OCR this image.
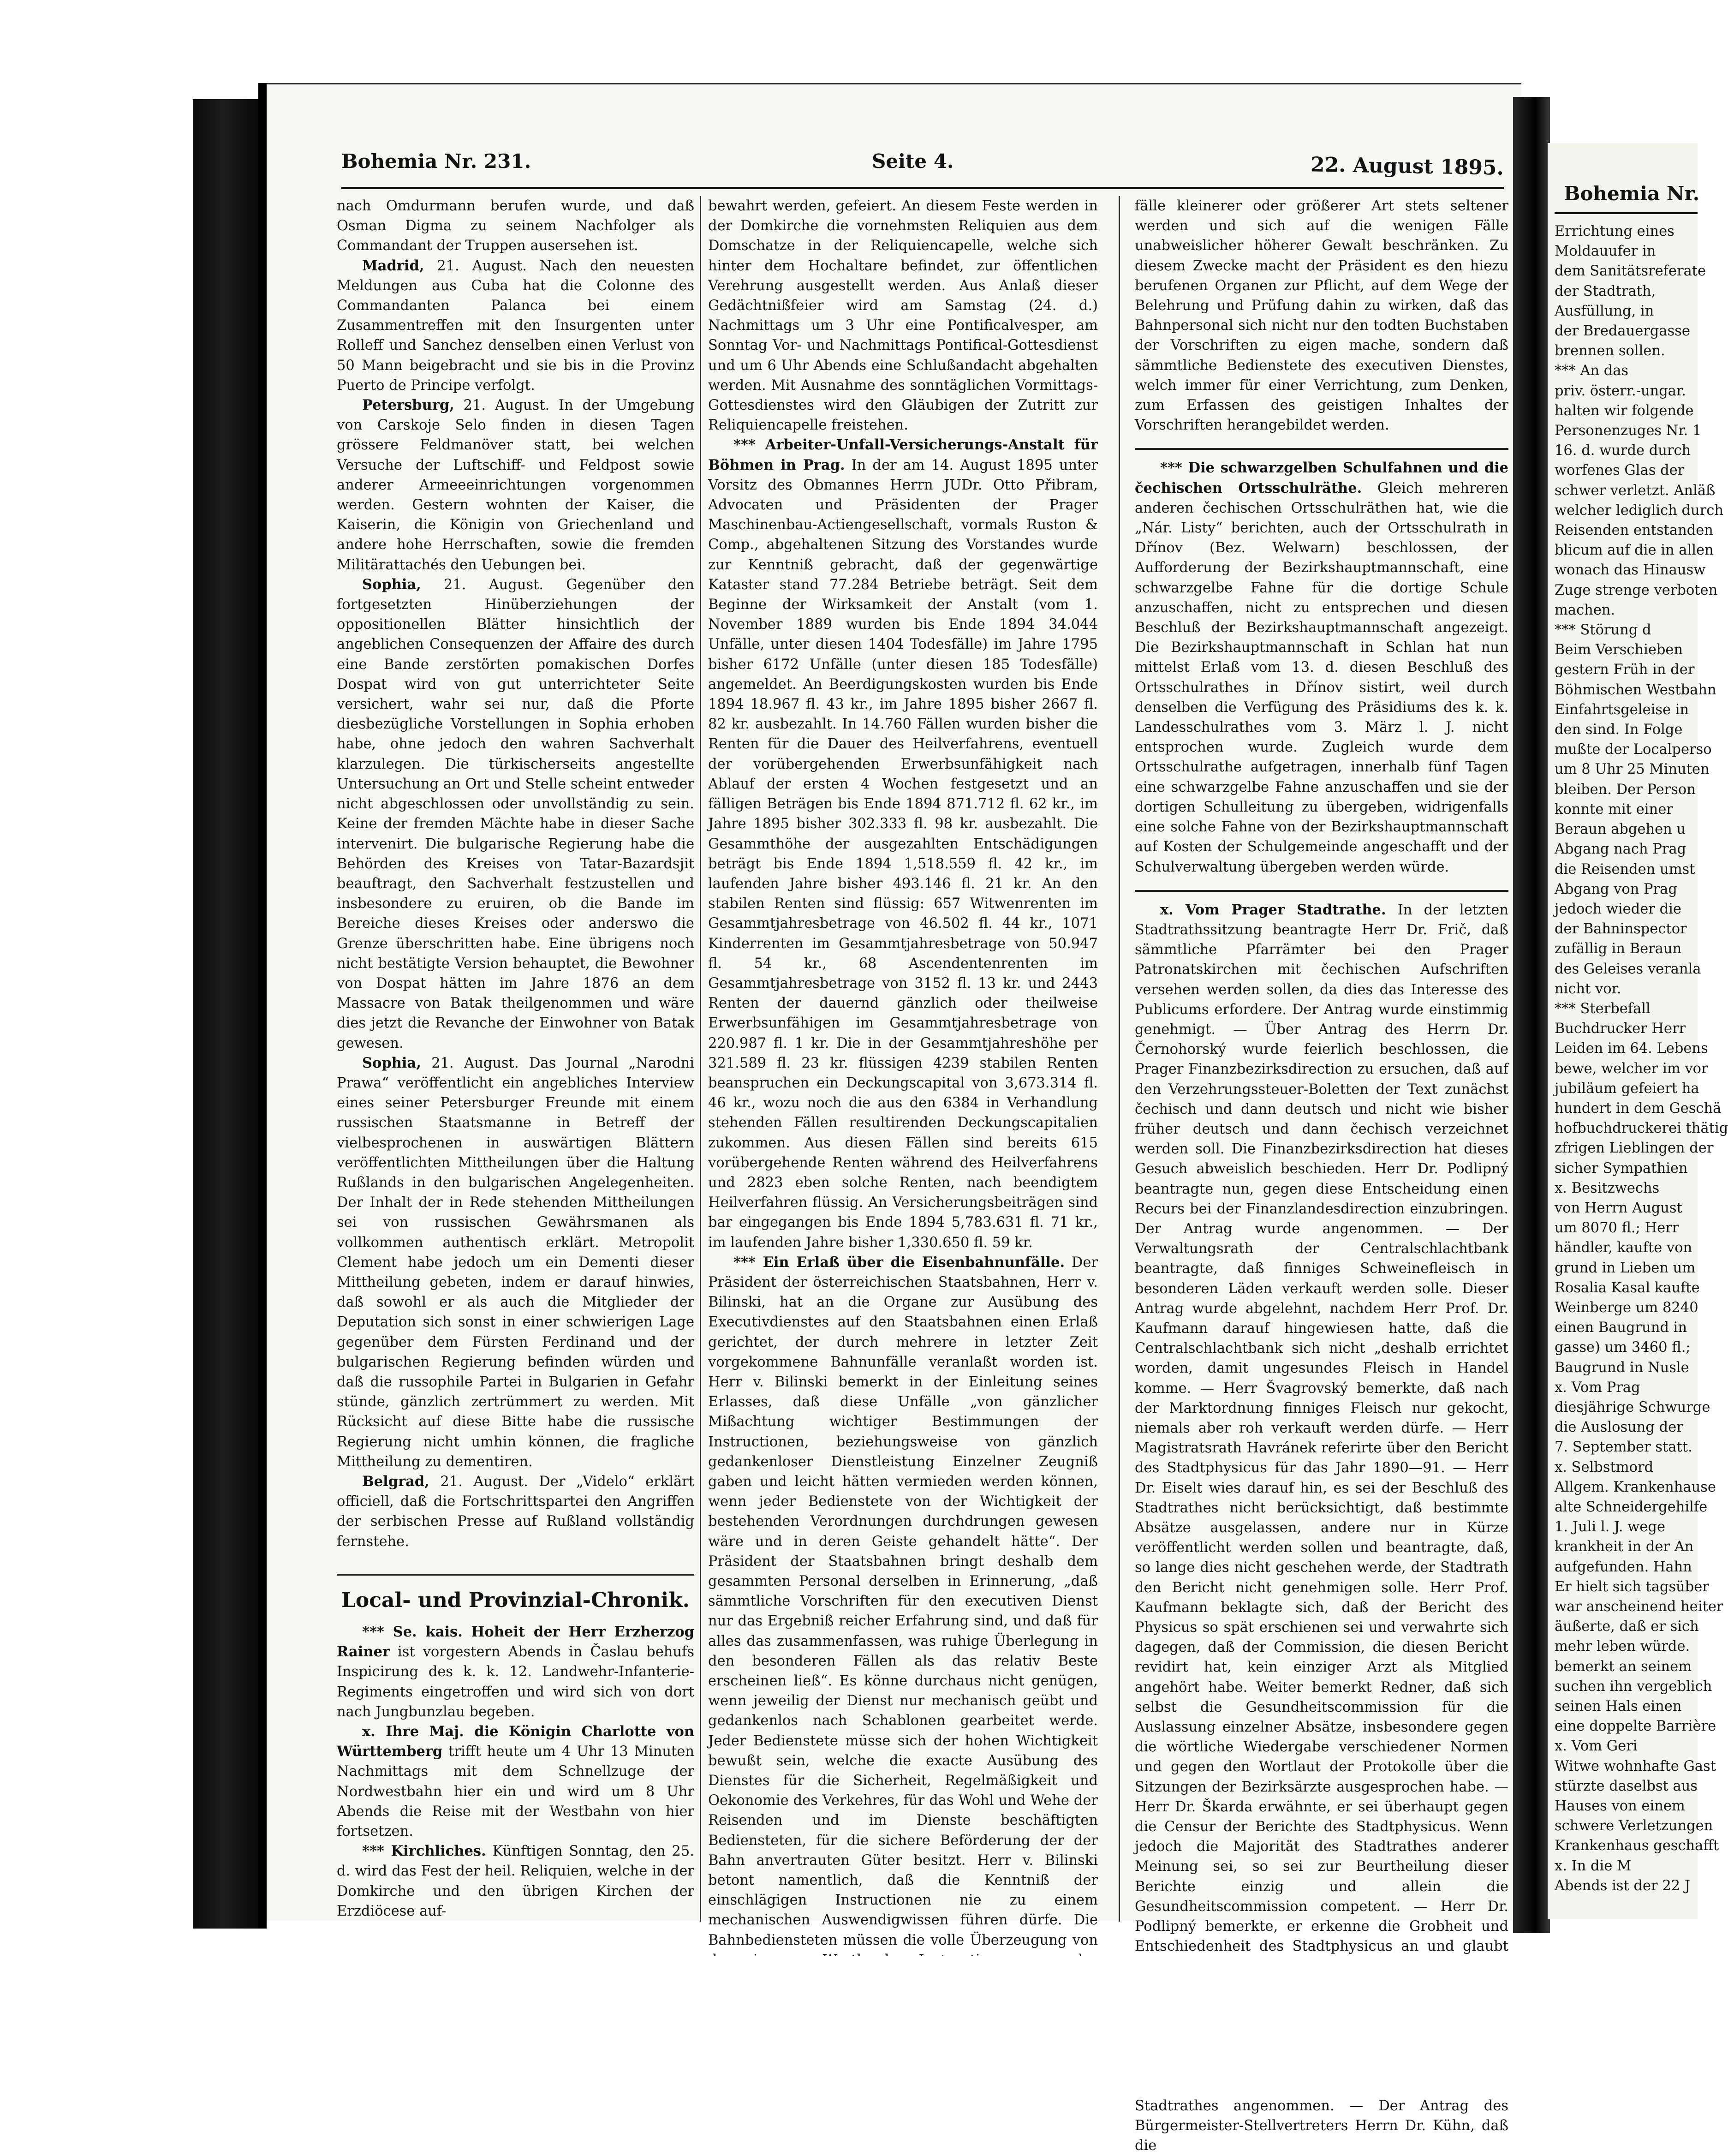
Bohemia Nr. 231.	Seite 4.	22. August 1895.

nach Omdurmann berufen wurde, und daß Osman Digma zu seinem Nachfolger als Commandant der Truppen ausersehen ist.

Madrid, 21. August. Nach den neuesten Meldungen aus Cuba hat die Colonne des Commandanten Palanca bei einem Zusammentreffen mit den Insurgenten unter Rolleff und Sanchez denselben einen Verlust von 50 Mann beigebracht und sie bis in die Provinz Puerto de Principe verfolgt.

Petersburg, 21. August. In der Umgebung von Carskoje Selo finden in diesen Tagen grössere Feldmanöver statt, bei welchen Versuche der Luftschiff- und Feldpost sowie anderer Armeeeinrichtungen vorgenommen werden. Gestern wohnten der Kaiser, die Kaiserin, die Königin von Griechenland und andere hohe Herrschaften, sowie die fremden Militärattachés den Uebungen bei.

Sophia, 21. August. Gegenüber den fortgesetzten Hinüberziehungen der oppositionellen Blätter hinsichtlich der angeblichen Consequenzen der Affaire des durch eine Bande zerstörten pomakischen Dorfes Dospat wird von gut unterrichteter Seite versichert, wahr sei nur, daß die Pforte diesbezügliche Vorstellungen in Sophia erhoben habe, ohne jedoch den wahren Sachverhalt klarzulegen. Die türkischerseits angestellte Untersuchung an Ort und Stelle scheint entweder nicht abgeschlossen oder unvollständig zu sein. Keine der fremden Mächte habe in dieser Sache intervenirt. Die bulgarische Regierung habe die Behörden des Kreises von Tatar-Bazardsjit beauftragt, den Sachverhalt festzustellen und insbesondere zu eruiren, ob die Bande im Bereiche dieses Kreises oder anderswo die Grenze überschritten habe. Eine übrigens noch nicht bestätigte Version behauptet, die Bewohner von Dospat hätten im Jahre 1876 an dem Massacre von Batak theilgenommen und wäre dies jetzt die Revanche der Einwohner von Batak gewesen.

Sophia, 21. August. Das Journal „Narodni Prawa“ veröffentlicht ein angebliches Interview eines seiner Petersburger Freunde mit einem russischen Staatsmanne in Betreff der vielbesprochenen in auswärtigen Blättern veröffentlichten Mittheilungen über die Haltung Rußlands in den bulgarischen Angelegenheiten. Der Inhalt der in Rede stehenden Mittheilungen sei von russischen Gewährsmanen als vollkommen authentisch erklärt. Metropolit Clement habe jedoch um ein Dementi dieser Mittheilung gebeten, indem er darauf hinwies, daß sowohl er als auch die Mitglieder der Deputation sich sonst in einer schwierigen Lage gegenüber dem Fürsten Ferdinand und der bulgarischen Regierung befinden würden und daß die russophile Partei in Bulgarien in Gefahr stünde, gänzlich zertrümmert zu werden. Mit Rücksicht auf diese Bitte habe die russische Regierung nicht umhin können, die fragliche Mittheilung zu dementiren.

Belgrad, 21. August. Der „Videlo“ erklärt officiell, daß die Fortschrittspartei den Angriffen der serbischen Presse auf Rußland vollständig fernstehe.

Local- und Provinzial-Chronik.

*** Se. kais. Hoheit der Herr Erzherzog Rainer ist vorgestern Abends in Časlau behufs Inspicirung des k. k. 12. Landwehr-Infanterie-Regiments eingetroffen und wird sich von dort nach Jungbunzlau begeben.

x. Ihre Maj. die Königin Charlotte von Württemberg trifft heute um 4 Uhr 13 Minuten Nachmittags mit dem Schnellzuge der Nordwestbahn hier ein und wird um 8 Uhr Abends die Reise mit der Westbahn von hier fortsetzen.

*** Kirchliches. Künftigen Sonntag, den 25. d. wird das Fest der heil. Reliquien, welche in der Domkirche und den übrigen Kirchen der Erzdiöcese auf-

bewahrt werden, gefeiert. An diesem Feste werden in der Domkirche die vornehmsten Reliquien aus dem Domschatze in der Reliquiencapelle, welche sich hinter dem Hochaltare befindet, zur öffentlichen Verehrung ausgestellt werden. Aus Anlaß dieser Gedächtnißfeier wird am Samstag (24. d.) Nachmittags um 3 Uhr eine Pontificalvesper, am Sonntag Vor- und Nachmittags Pontifical-Gottesdienst und um 6 Uhr Abends eine Schlußandacht abgehalten werden. Mit Ausnahme des sonntäglichen Vormittags-Gottesdienstes wird den Gläubigen der Zutritt zur Reliquiencapelle freistehen.

*** Arbeiter-Unfall-Versicherungs-Anstalt für Böhmen in Prag. In der am 14. August 1895 unter Vorsitz des Obmannes Herrn JUDr. Otto Přibram, Advocaten und Präsidenten der Prager Maschinenbau-Actiengesellschaft, vormals Ruston & Comp., abgehaltenen Sitzung des Vorstandes wurde zur Kenntniß gebracht, daß der gegenwärtige Kataster stand 77.284 Betriebe beträgt. Seit dem Beginne der Wirksamkeit der Anstalt (vom 1. November 1889 wurden bis Ende 1894 34.044 Unfälle, unter diesen 1404 Todesfälle) im Jahre 1795 bisher 6172 Unfälle (unter diesen 185 Todesfälle) angemeldet. An Beerdigungskosten wurden bis Ende 1894 18.967 fl. 43 kr., im Jahre 1895 bisher 2667 fl. 82 kr. ausbezahlt. In 14.760 Fällen wurden bisher die Renten für die Dauer des Heilverfahrens, eventuell der vorübergehenden Erwerbsunfähigkeit nach Ablauf der ersten 4 Wochen festgesetzt und an fälligen Beträgen bis Ende 1894 871.712 fl. 62 kr., im Jahre 1895 bisher 302.333 fl. 98 kr. ausbezahlt. Die Gesammthöhe der ausgezahlten Entschädigungen beträgt bis Ende 1894 1,518.559 fl. 42 kr., im laufenden Jahre bisher 493.146 fl. 21 kr. An den stabilen Renten sind flüssig: 657 Witwenrenten im Gesammtjahresbetrage von 46.502 fl. 44 kr., 1071 Kinderrenten im Gesammtjahresbetrage von 50.947 fl. 54 kr., 68 Ascendentenrenten im Gesammtjahresbetrage von 3152 fl. 13 kr. und 2443 Renten der dauernd gänzlich oder theilweise Erwerbsunfähigen im Gesammtjahresbetrage von 220.987 fl. 1 kr. Die in der Gesammtjahreshöhe per 321.589 fl. 23 kr. flüssigen 4239 stabilen Renten beanspruchen ein Deckungscapital von 3,673.314 fl. 46 kr., wozu noch die aus den 6384 in Verhandlung stehenden Fällen resultirenden Deckungscapitalien zukommen. Aus diesen Fällen sind bereits 615 vorübergehende Renten während des Heilverfahrens und 2823 eben solche Renten, nach beendigtem Heilverfahren flüssig. An Versicherungsbeiträgen sind bar eingegangen bis Ende 1894 5,783.631 fl. 71 kr., im laufenden Jahre bisher 1,330.650 fl. 59 kr.

*** Ein Erlaß über die Eisenbahnunfälle. Der Präsident der österreichischen Staatsbahnen, Herr v. Bilinski, hat an die Organe zur Ausübung des Executivdienstes auf den Staatsbahnen einen Erlaß gerichtet, der durch mehrere in letzter Zeit vorgekommene Bahnunfälle veranlaßt worden ist. Herr v. Bilinski bemerkt in der Einleitung seines Erlasses, daß diese Unfälle „von gänzlicher Mißachtung wichtiger Bestimmungen der Instructionen, beziehungsweise von gänzlich gedankenloser Dienstleistung Einzelner Zeugniß gaben und leicht hätten vermieden werden können, wenn jeder Bedienstete von der Wichtigkeit der bestehenden Verordnungen durchdrungen gewesen wäre und in deren Geiste gehandelt hätte“. Der Präsident der Staatsbahnen bringt deshalb dem gesammten Personal derselben in Erinnerung, „daß sämmtliche Vorschriften für den executiven Dienst nur das Ergebniß reicher Erfahrung sind, und daß für alles das zusammenfassen, was ruhige Überlegung in den besonderen Fällen als das relativ Beste erscheinen ließ“. Es könne durchaus nicht genügen, wenn jeweilig der Dienst nur mechanisch geübt und gedankenlos nach Schablonen gearbeitet werde. Jeder Bedienstete müsse sich der hohen Wichtigkeit bewußt sein, welche die exacte Ausübung des Dienstes für die Sicherheit, Regelmäßigkeit und Oekonomie des Verkehres, für das Wohl und Wehe der Reisenden und im Dienste beschäftigten Bediensteten, für die sichere Beförderung der der Bahn anvertrauten Güter besitzt. Herr v. Bilinski betont namentlich, daß die Kenntniß der einschlägigen Instructionen nie zu einem mechanischen Auswendigwissen führen dürfe. Die Bahnbediensteten müssen die volle Überzeugung von

fälle kleinerer oder größerer Art stets seltener werden und sich auf die wenigen Fälle unabweislicher höherer Gewalt beschränken. Zu diesem Zwecke macht der Präsident es den hiezu berufenen Organen zur Pflicht, auf dem Wege der Belehrung und Prüfung dahin zu wirken, daß das Bahnpersonal sich nicht nur den todten Buchstaben der Vorschriften zu eigen mache, sondern daß sämmtliche Bedienstete des executiven Dienstes, welch immer für einer Verrichtung, zum Denken, zum Erfassen des geistigen Inhaltes der Vorschriften herangebildet werden.

*** Die schwarzgelben Schulfahnen und die čechischen Ortsschulräthe. Gleich mehreren anderen čechischen Ortsschulräthen hat, wie die „Nár. Listy“ berichten, auch der Ortsschulrath in Dřínov (Bez. Welwarn) beschlossen, der Aufforderung der Bezirkshauptmannschaft, eine schwarzgelbe Fahne für die dortige Schule anzuschaffen, nicht zu entsprechen und diesen Beschluß der Bezirkshauptmannschaft angezeigt. Die Bezirkshauptmannschaft in Schlan hat nun mittelst Erlaß vom 13. d. diesen Beschluß des Ortsschulrathes in Dřínov sistirt, weil durch denselben die Verfügung des Präsidiums des k. k. Landesschulrathes vom 3. März l. J. nicht entsprochen wurde. Zugleich wurde dem Ortsschulrathe aufgetragen, innerhalb fünf Tagen eine schwarzgelbe Fahne anzuschaffen und sie der dortigen Schulleitung zu übergeben, widrigenfalls eine solche Fahne von der Bezirkshauptmannschaft auf Kosten der Schulgemeinde angeschafft und der Schulverwaltung übergeben werden würde.

x. Vom Prager Stadtrathe. In der letzten Stadtrathssitzung beantragte Herr Dr. Frič, daß sämmtliche Pfarrämter bei den Prager Patronatskirchen mit čechischen Aufschriften versehen werden sollen, da dies das Interesse des Publicums erfordere. Der Antrag wurde einstimmig genehmigt. — Über Antrag des Herrn Dr. Černohorský wurde feierlich beschlossen, die Prager Finanzbezirksdirection zu ersuchen, daß auf den Verzehrungssteuer-Boletten der Text zunächst čechisch und dann deutsch und nicht wie bisher früher deutsch und dann čechisch verzeichnet werden soll. Die Finanzbezirksdirection hat dieses Gesuch abweislich beschieden. Herr Dr. Podlipný beantragte nun, gegen diese Entscheidung einen Recurs bei der Finanzlandesdirection einzubringen. Der Antrag wurde angenommen. — Der Verwaltungsrath der Centralschlachtbank beantragte, daß finniges Schweinefleisch in besonderen Läden verkauft werden solle. Dieser Antrag wurde abgelehnt, nachdem Herr Prof. Dr. Kaufmann darauf hingewiesen hatte, daß die Centralschlachtbank sich nicht „deshalb errichtet worden, damit ungesundes Fleisch in Handel komme. — Herr Švagrovský bemerkte, daß nach der Marktordnung finniges Fleisch nur gekocht, niemals aber roh verkauft werden dürfe. — Herr Magistratsrath Havránek referirte über den Bericht des Stadtphysicus für das Jahr 1890—91. — Herr Dr. Eiselt wies darauf hin, es sei der Beschluß des Stadtrathes nicht berücksichtigt, daß bestimmte Absätze ausgelassen, andere nur in Kürze veröffentlicht werden sollen und beantragte, daß, so lange dies nicht geschehen werde, der Stadtrath den Bericht nicht genehmigen solle. Herr Prof. Kaufmann beklagte sich, daß der Bericht des Physicus so spät erschienen sei und verwahrte sich dagegen, daß der Commission, die diesen Bericht revidirt hat, kein einziger Arzt als Mitglied angehört habe. Weiter bemerkt Redner, daß sich selbst die Gesundheitscommission für die Auslassung einzelner Absätze, insbesondere gegen die wörtliche Wiedergabe verschiedener Normen und gegen den Wortlaut der Protokolle über die Sitzungen der Bezirksärzte ausgesprochen habe. — Herr Dr. Škarda erwähnte, er sei überhaupt gegen die Censur der Berichte des Stadtphysicus. Wenn jedoch die Majorität des Stadtrathes anderer Meinung sei, so sei zur Beurtheilung dieser Berichte einzig und allein die Gesundheitscommission competent. — Herr Dr. Podlipný bemerkte, er erkenne die Grobheit und Entschiedenheit des Stadtphysicus an und glaubt Stadtrathes angenommen. — Der Antrag des Bürgermeister-Stellvertreters Herrn Dr. Kühn, daß die

Bohemia Nr.
Errichtung eines
Moldauufer in
dem Sanitätsreferate
der Stadtrath,
Ausfüllung, in
der Bredauergasse
brennen sollen.
*** An das
priv. österr.-ungar.
halten wir folgende
Personenzuges Nr. 1
16. d. wurde durch
worfenes Glas der
schwer verletzt. Anläß
welcher lediglich durch
Reisenden entstanden
blicum auf die in allen
wonach das Hinausw
Zuge strenge verboten
machen.
*** Störung d
Beim Verschieben
gestern Früh in der
Böhmischen Westbahn
Einfahrtsgeleise in
den sind. In Folge
mußte der Localperso
um 8 Uhr 25 Minuten
bleiben. Der Person
konnte mit einer
Beraun abgehen u
Abgang nach Prag
die Reisenden umst
Abgang von Prag
jedoch wieder die
der Bahninspector
zufällig in Beraun
des Geleises veranla
nicht vor.
*** Sterbefall
Buchdrucker Herr
Leiden im 64. Lebens
bewe, welcher im vor
jubiläum gefeiert ha
hundert in dem Geschä
hofbuchdruckerei thätig
zfrigen Lieblingen der
sicher Sympathien
x. Besitzwechs
von Herrn August
um 8070 fl.; Herr
händler, kaufte von
grund in Lieben um
Rosalia Kasal kaufte
Weinberge um 8240
einen Baugrund in
gasse) um 3460 fl.;
Baugrund in Nusle
x. Vom Prag
diesjährige Schwurge
die Auslosung der
7. September statt.
x. Selbstmord
Allgem. Krankenhause
alte Schneidergehilfe
1. Juli l. J. wege
krankheit in der An
aufgefunden. Hahn
Er hielt sich tagsüber
war anscheinend heiter
äußerte, daß er sich
mehr leben würde.
bemerkt an seinem
suchen ihn vergeblich
seinen Hals einen
eine doppelte Barrière
x. Vom Geri
Witwe wohnhafte Gast
stürzte daselbst aus
Hauses von einem
schwere Verletzungen
Krankenhaus geschafft
x. In die M
Abends ist der 22 J
